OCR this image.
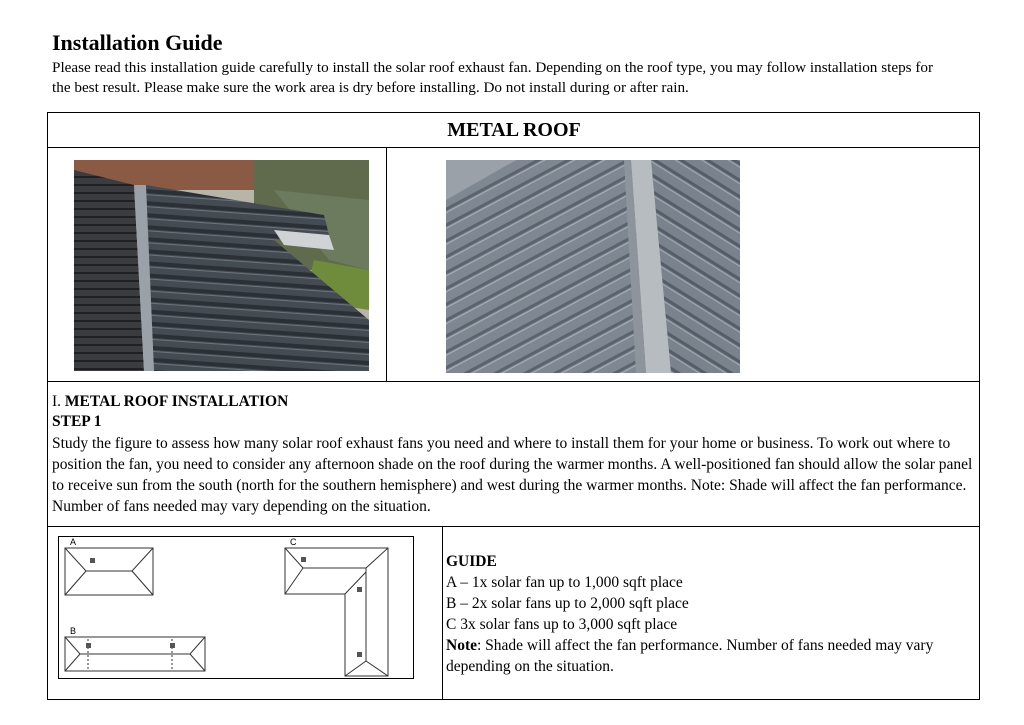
Installation Guide
Please read this installation guide carefully to install the solar roof exhaust fan. Depending on the roof type, you may follow installation steps for the best result. Please make sure the work area is dry before installing. Do not install during or after rain.
METAL ROOF
I. METAL ROOF INSTALLATION
STEP 1
Study the figure to assess how many solar roof exhaust fans you need and where to install them for your home or business. To work out where to position the fan, you need to consider any afternoon shade on the roof during the warmer months. A well-positioned fan should allow the solar panel to receive sun from the south (north for the southern hemisphere) and west during the warmer months. Note: Shade will affect the fan performance. Number of fans needed may vary depending on the situation.
A
B
C

GUIDE

A – 1x solar fan up to 1,000 sqft place

B – 2x solar fans up to 2,000 sqft place

C 3x solar fans up to 3,000 sqft place

Note: Shade will affect the fan performance. Number of fans needed may vary depending on the situation.
